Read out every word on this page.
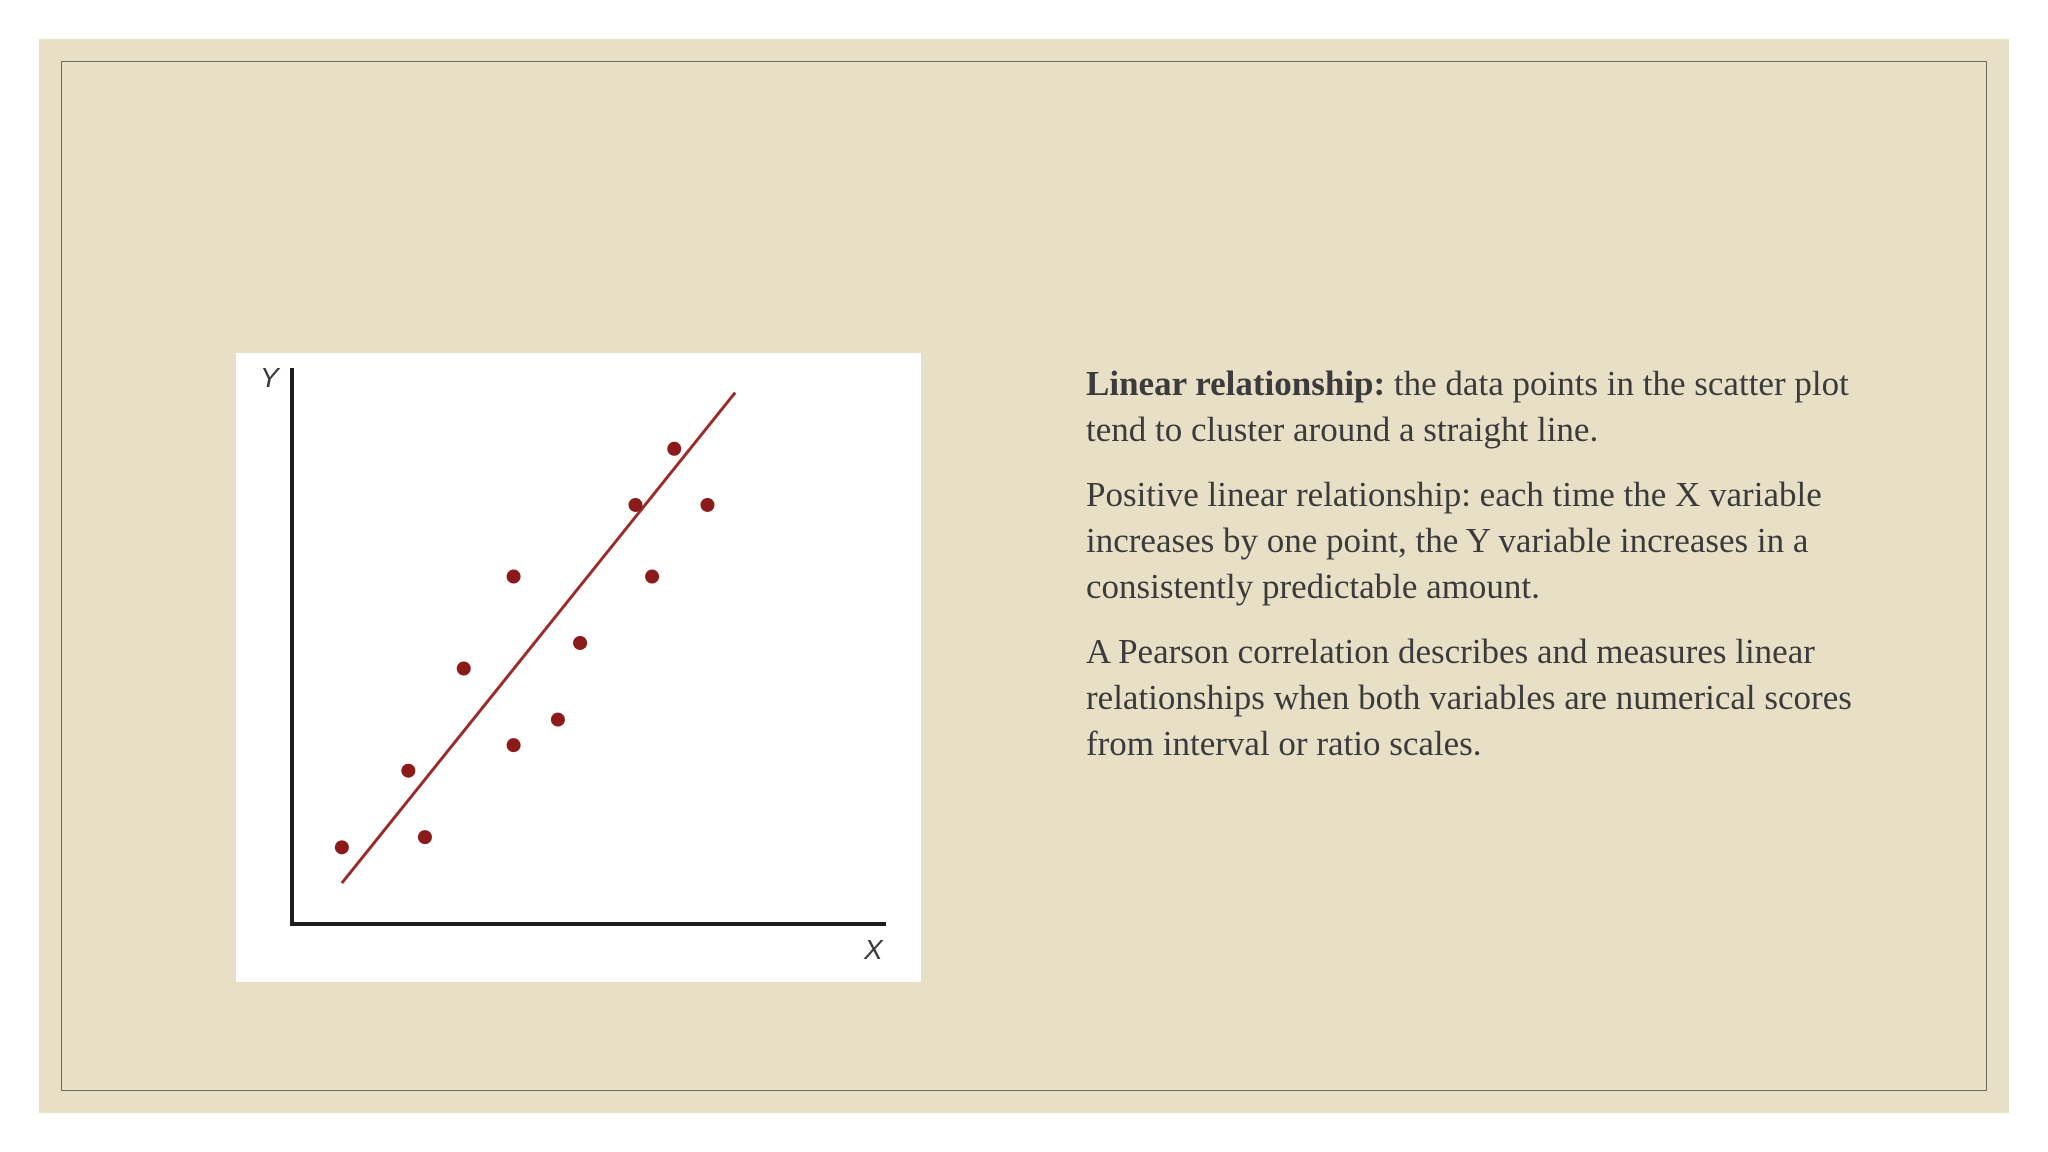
Y
X

Linear relationship: the data points in the scatter plot tend to cluster around a straight line.

Positive linear relationship: each time the X variable increases by one point, the Y variable increases in a consistently predictable amount.

A Pearson correlation describes and measures linear relationships when both variables are numerical scores from interval or ratio scales.
